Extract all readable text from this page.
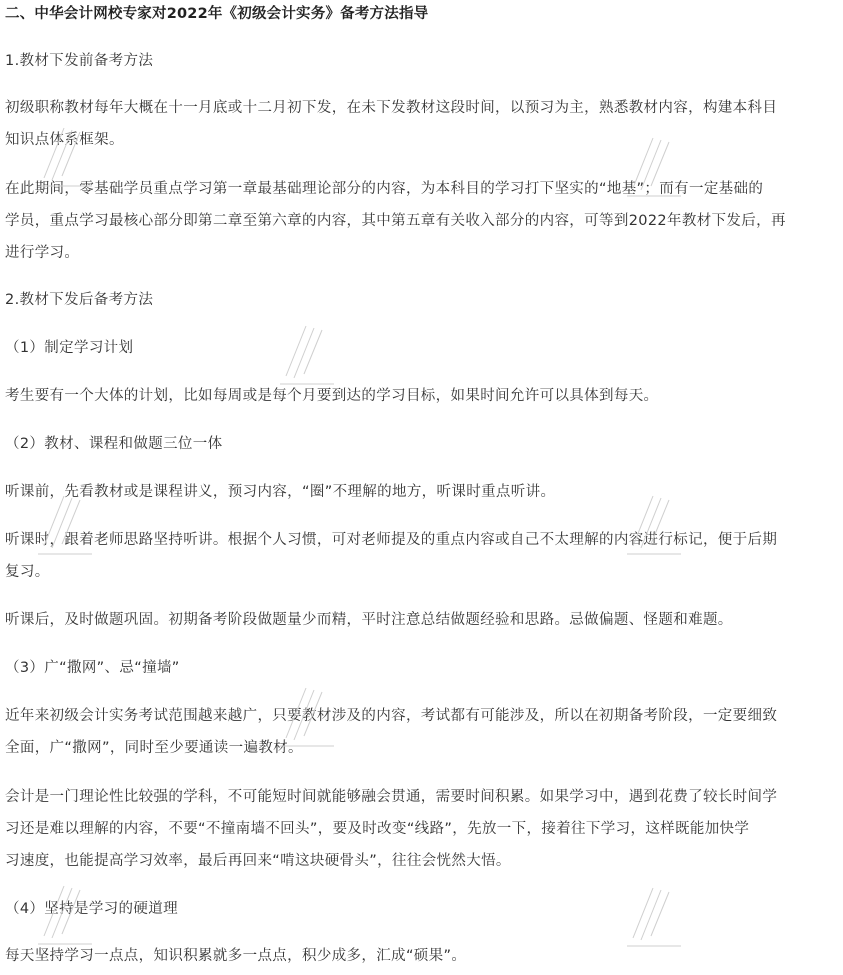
二、中华会计网校专家对2022年《初级会计实务》备考方法指导
1.教材下发前备考方法
初级职称教材每年大概在十一月底或十二月初下发，在未下发教材这段时间，以预习为主，熟悉教材内容，构建本科目
知识点体系框架。
在此期间，零基础学员重点学习第一章最基础理论部分的内容，为本科目的学习打下坚实的“地基”；而有一定基础的
学员，重点学习最核心部分即第二章至第六章的内容，其中第五章有关收入部分的内容，可等到2022年教材下发后，再
进行学习。
2.教材下发后备考方法
（1）制定学习计划
考生要有一个大体的计划，比如每周或是每个月要到达的学习目标，如果时间允许可以具体到每天。
（2）教材、课程和做题三位一体
听课前，先看教材或是课程讲义，预习内容，“圈”不理解的地方，听课时重点听讲。
听课时，跟着老师思路坚持听讲。根据个人习惯，可对老师提及的重点内容或自己不太理解的内容进行标记，便于后期
复习。
听课后，及时做题巩固。初期备考阶段做题量少而精，平时注意总结做题经验和思路。忌做偏题、怪题和难题。
（3）广“撒网”、忌“撞墙”
近年来初级会计实务考试范围越来越广，只要教材涉及的内容，考试都有可能涉及，所以在初期备考阶段，一定要细致
全面，广“撒网”，同时至少要通读一遍教材。
会计是一门理论性比较强的学科，不可能短时间就能够融会贯通，需要时间积累。如果学习中，遇到花费了较长时间学
习还是难以理解的内容，不要“不撞南墙不回头”，要及时改变“线路”，先放一下，接着往下学习，这样既能加快学
习速度，也能提高学习效率，最后再回来“啃这块硬骨头”，往往会恍然大悟。
（4）坚持是学习的硬道理
每天坚持学习一点点，知识积累就多一点点，积少成多，汇成“硕果”。
